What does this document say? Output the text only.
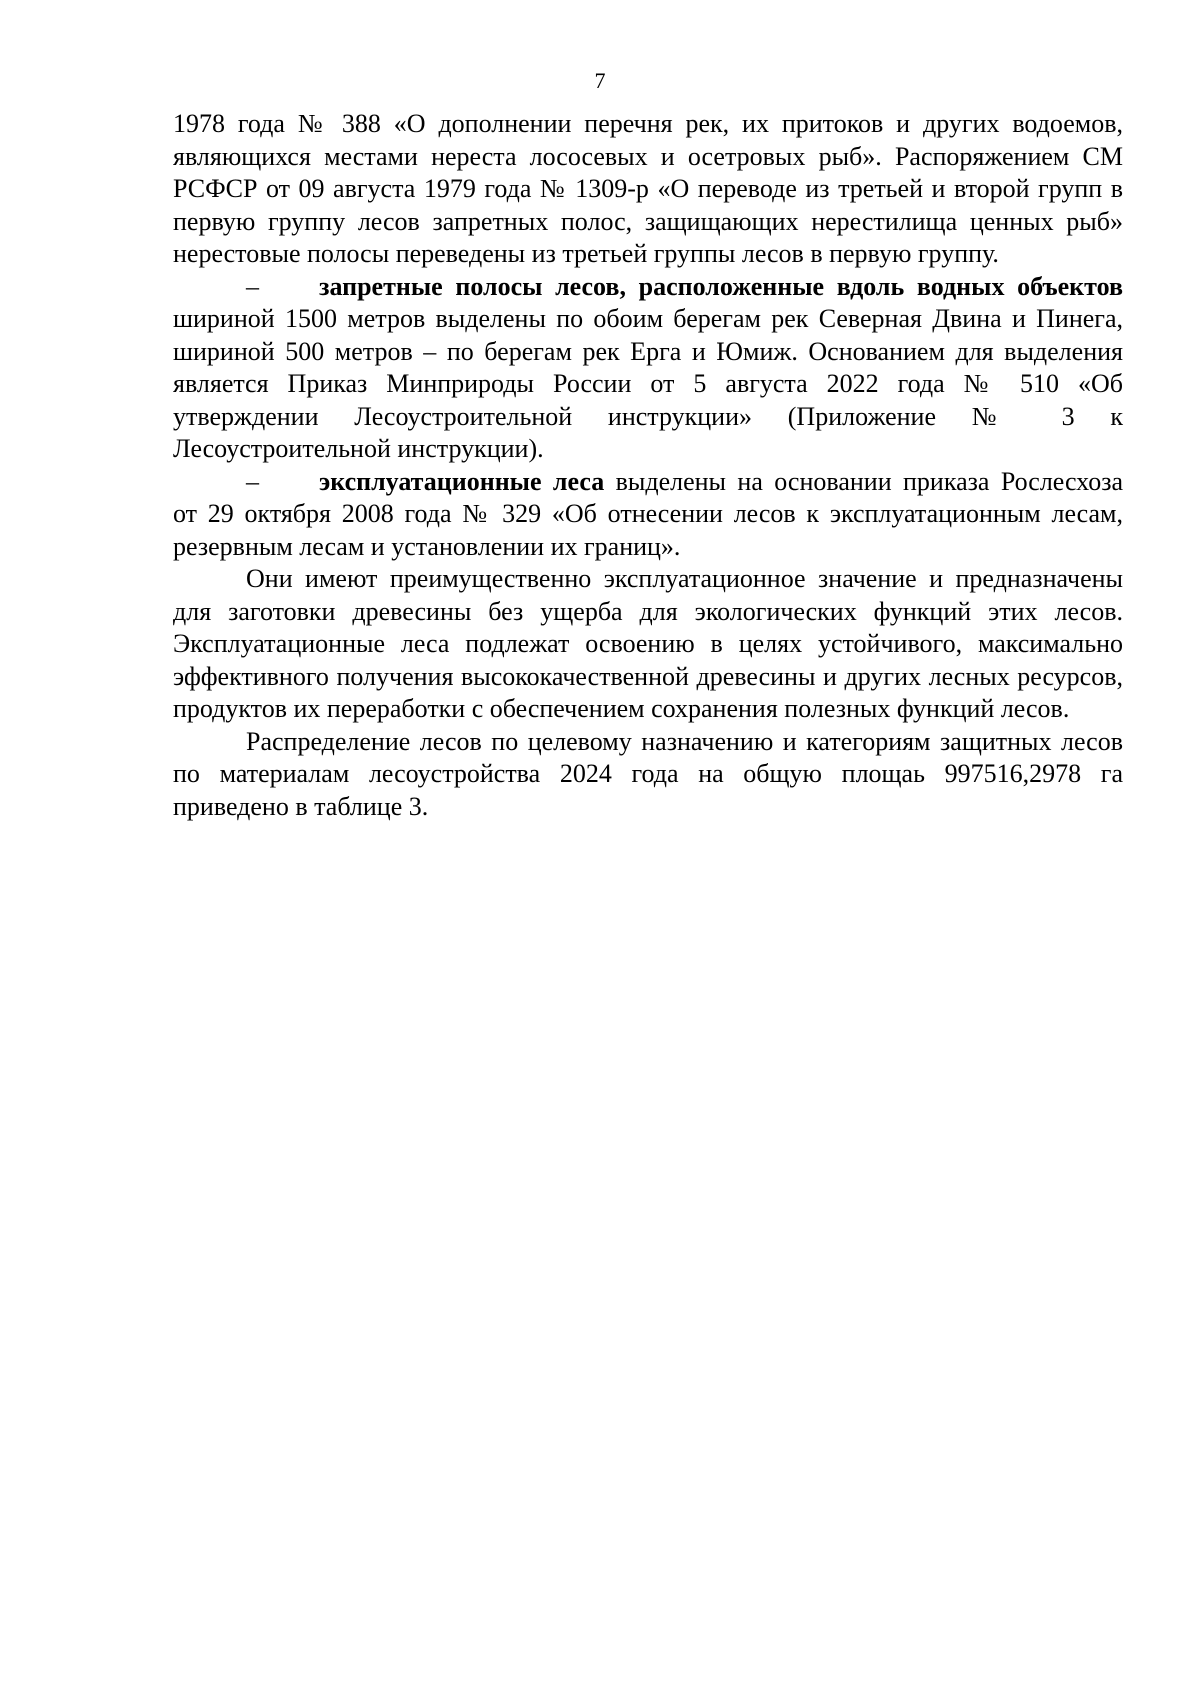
7

1978 года № 388 «О дополнении перечня рек, их притоков и других водоемов, являющихся местами нереста лососевых и осетровых рыб». Распоряжением СМ РСФСР от 09 августа 1979 года № 1309-р «О переводе из третьей и второй групп в первую группу лесов запретных полос, защищающих нерестилища ценных рыб» нерестовые полосы переведены из третьей группы лесов в первую группу.

– запретные полосы лесов, расположенные вдоль водных объектов шириной 1500 метров выделены по обоим берегам рек Северная Двина и Пинега, шириной 500 метров – по берегам рек Ерга и Юмиж. Основанием для выделения является Приказ Минприроды России от 5 августа 2022 года № 510 «Об утверждении Лесоустроительной инструкции» (Приложение № 3 к Лесоустроительной инструкции).

– эксплуатационные леса выделены на основании приказа Рослесхоза от 29 октября 2008 года № 329 «Об отнесении лесов к эксплуатационным лесам, резервным лесам и установлении их границ».

Они имеют преимущественно эксплуатационное значение и предназначены для заготовки древесины без ущерба для экологических функций этих лесов. Эксплуатационные леса подлежат освоению в целях устойчивого, максимально эффективного получения высококачественной древесины и других лесных ресурсов, продуктов их переработки с обеспечением сохранения полезных функций лесов.

Распределение лесов по целевому назначению и категориям защитных лесов по материалам лесоустройства 2024 года на общую площаь 997516,2978 га приведено в таблице 3.
